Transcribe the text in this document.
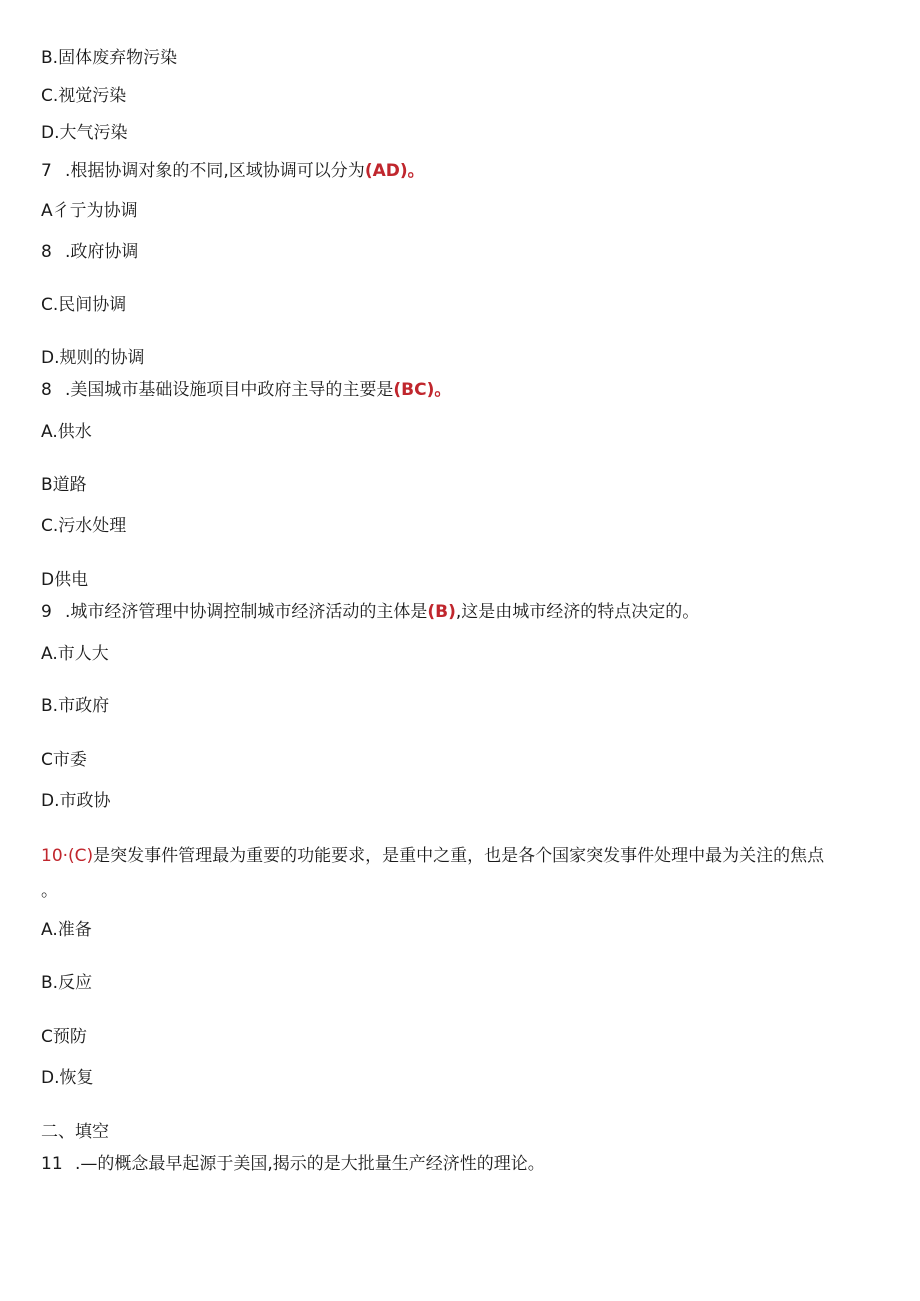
B.固体废弃物污染
C.视觉污染
D.大气污染
7 .根据协调对象的不同,区域协调可以分为(AD)。
A彳亍为协调
8 .政府协调
C.民间协调
D.规则的协调
8 .美国城市基础设施项目中政府主导的主要是(BC)。
A.供水
B道路
C.污水处理
D供电
9 .城市经济管理中协调控制城市经济活动的主体是(B),这是由城市经济的特点决定的。
A.市人大
B.市政府
C市委
D.市政协
10·(C)是突发事件管理最为重要的功能要求，是重中之重，也是各个国家突发事件处理中最为关注的焦点
。
A.准备
B.反应
C预防
D.恢复
二、填空
11 .—的概念最早起源于美国,揭示的是大批量生产经济性的理论。
